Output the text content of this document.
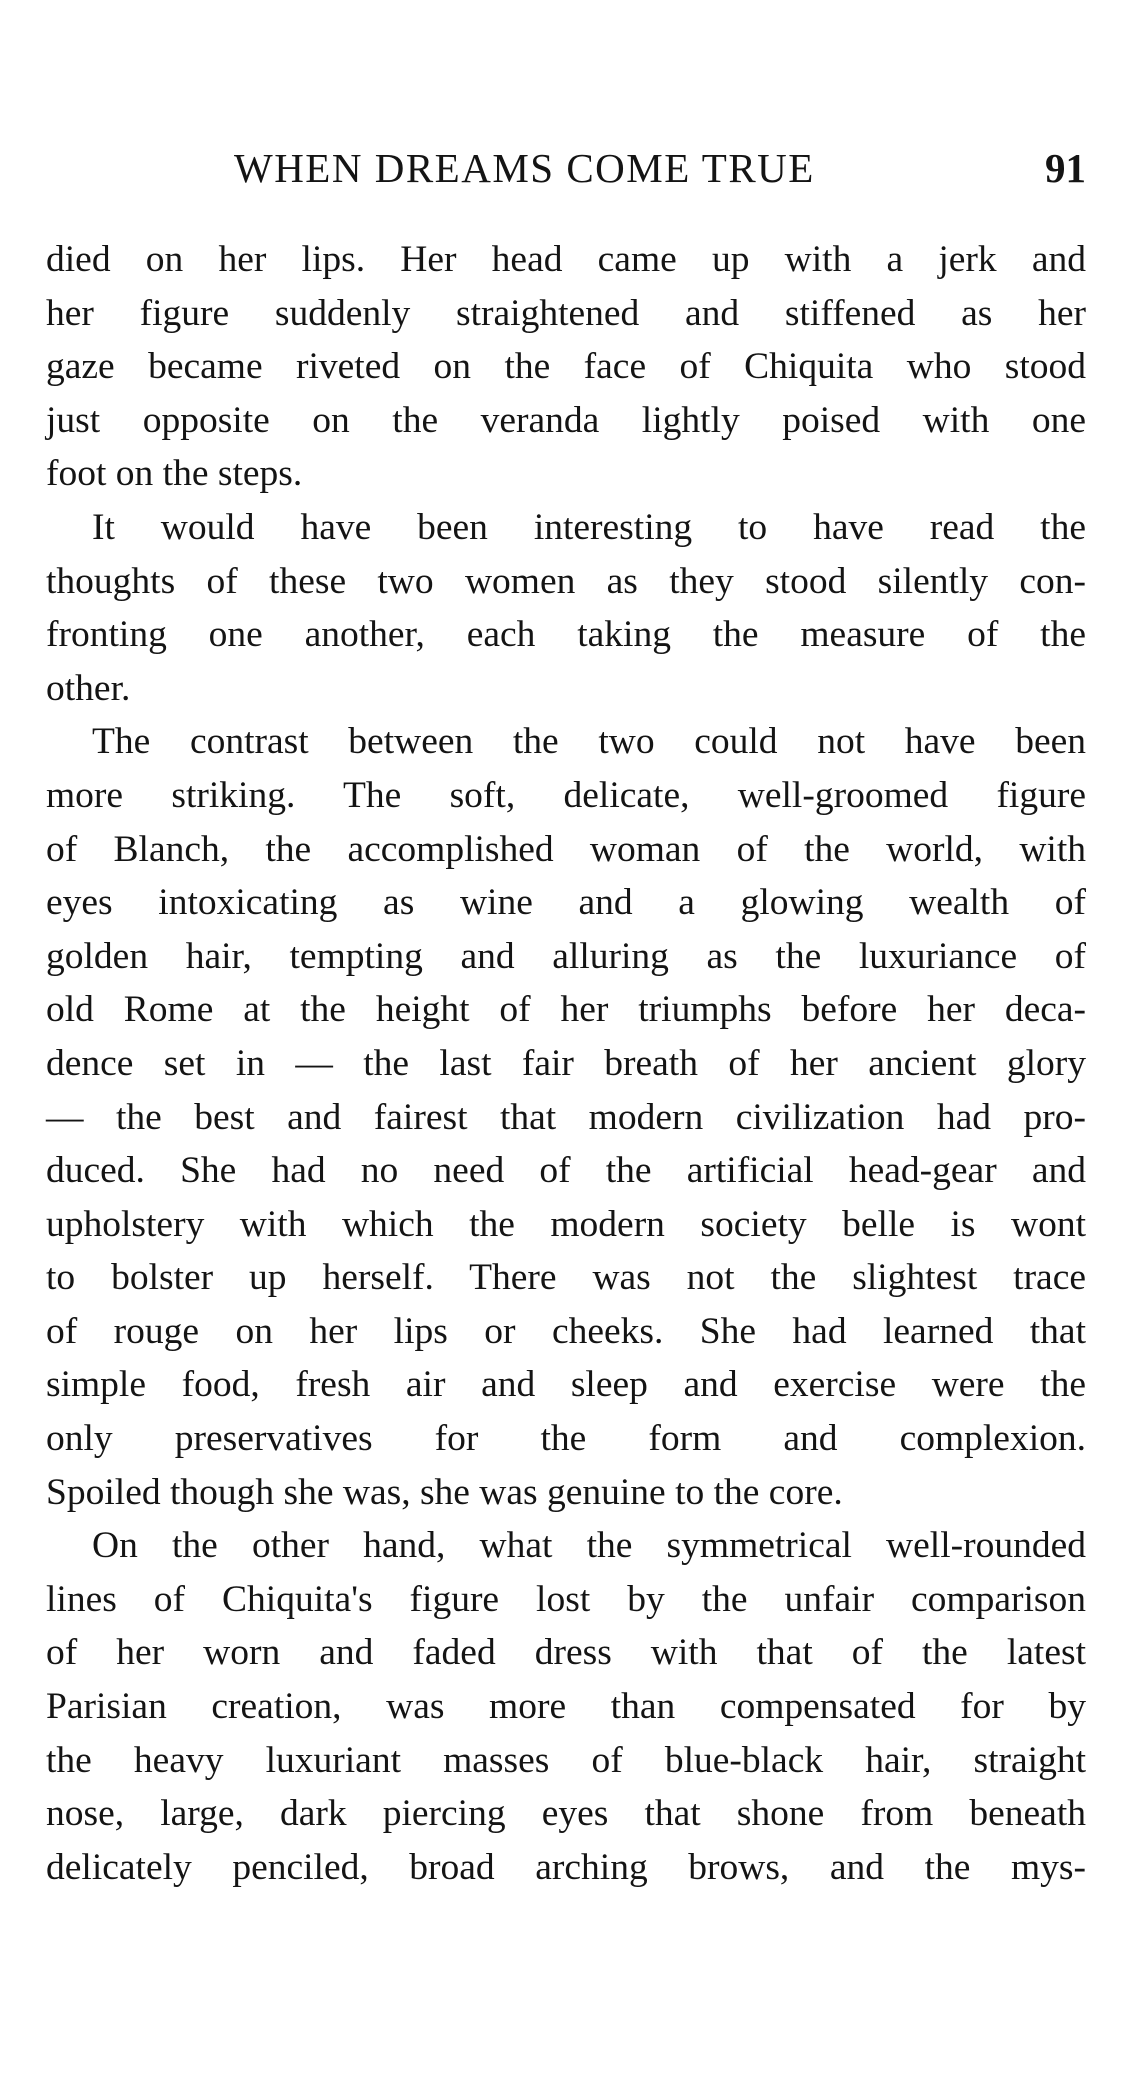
WHEN DREAMS COME TRUE	91
died on her lips. Her head came up with a jerk and
her figure suddenly straightened and stiffened as her
gaze became riveted on the face of Chiquita who stood
just opposite on the veranda lightly poised with one
foot on the steps.
It would have been interesting to have read the
thoughts of these two women as they stood silently con-
fronting one another, each taking the measure of the
other.
The contrast between the two could not have been
more striking. The soft, delicate, well-groomed figure
of Blanch, the accomplished woman of the world, with
eyes intoxicating as wine and a glowing wealth of
golden hair, tempting and alluring as the luxuriance of
old Rome at the height of her triumphs before her deca-
dence set in — the last fair breath of her ancient glory
— the best and fairest that modern civilization had pro-
duced. She had no need of the artificial head-gear and
upholstery with which the modern society belle is wont
to bolster up herself. There was not the slightest trace
of rouge on her lips or cheeks. She had learned that
simple food, fresh air and sleep and exercise were the
only preservatives for the form and complexion.
Spoiled though she was, she was genuine to the core.
On the other hand, what the symmetrical well-rounded
lines of Chiquita's figure lost by the unfair comparison
of her worn and faded dress with that of the latest
Parisian creation, was more than compensated for by
the heavy luxuriant masses of blue-black hair, straight
nose, large, dark piercing eyes that shone from beneath
delicately penciled, broad arching brows, and the mys-
